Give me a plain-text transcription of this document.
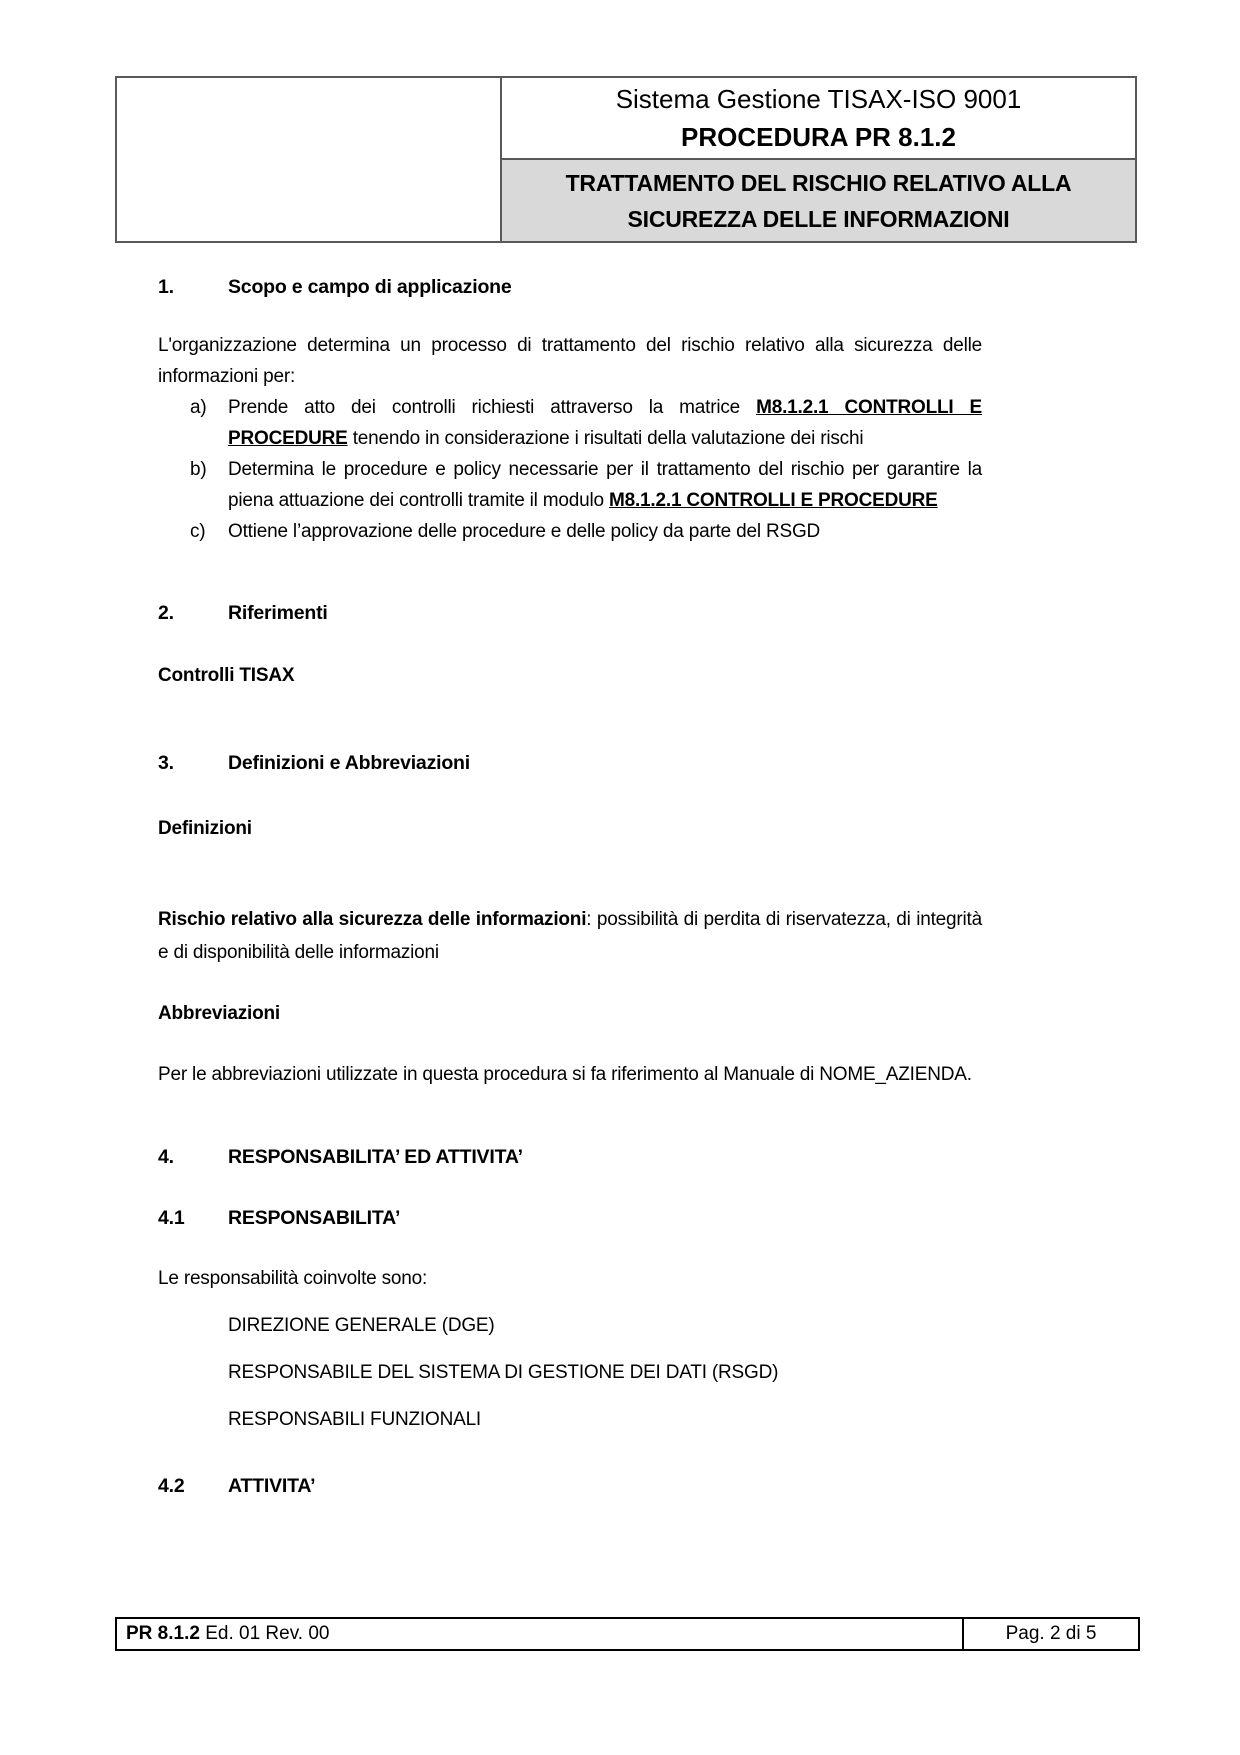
Sistema Gestione TISAX-ISO 9001
PROCEDURA PR 8.1.2
TRATTAMENTO DEL RISCHIO RELATIVO ALLA SICUREZZA DELLE INFORMAZIONI
1.	Scopo e campo di applicazione
L'organizzazione determina un processo di trattamento del rischio relativo alla sicurezza delle informazioni per:
a)	Prende atto dei controlli richiesti attraverso la matrice M8.1.2.1 CONTROLLI E PROCEDURE tenendo in considerazione i risultati della valutazione dei rischi
b)	Determina le procedure e policy necessarie per il trattamento del rischio per garantire la piena attuazione dei controlli tramite il modulo M8.1.2.1 CONTROLLI E PROCEDURE
c)	Ottiene l’approvazione delle procedure e delle policy da parte del RSGD
2.	Riferimenti
Controlli TISAX
3.	Definizioni e Abbreviazioni
Definizioni
Rischio relativo alla sicurezza delle informazioni: possibilità di perdita di riservatezza, di integrità e di disponibilità delle informazioni
Abbreviazioni
Per le abbreviazioni utilizzate in questa procedura si fa riferimento al Manuale di NOME_AZIENDA.
4.	RESPONSABILITA’ ED ATTIVITA’
4.1	RESPONSABILITA’
Le responsabilità coinvolte sono:
DIREZIONE GENERALE (DGE)
RESPONSABILE DEL SISTEMA DI GESTIONE DEI DATI (RSGD)
RESPONSABILI FUNZIONALI
4.2	ATTIVITA’
PR 8.1.2 Ed. 01 Rev. 00	Pag. 2 di 5
